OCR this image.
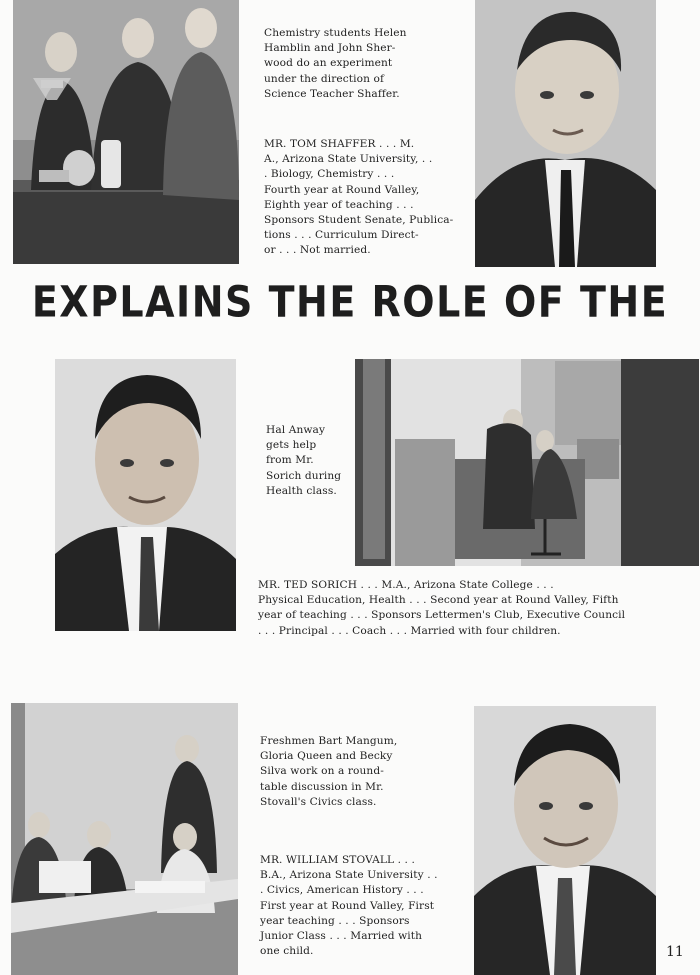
Chemistry students Helen
Hamblin and John Sher-
wood do an experiment
under the direction of
Science Teacher Shaffer.

MR. TOM SHAFFER . . . M.
A., Arizona State University, . .
. Biology, Chemistry . . .
Fourth year at Round Valley,
Eighth year of teaching . . .
Sponsors Student Senate, Publica-
tions . . . Curriculum Direct-
or . . . Not married.

EXPLAINS THE ROLE OF THE

Hal Anway
gets help
from Mr.
Sorich during
Health class.

MR. TED SORICH . . . M.A., Arizona State College . . .
Physical Education, Health . . . Second year at Round Valley, Fifth
year of teaching . . . Sponsors Lettermen's Club, Executive Council
. . . Principal . . . Coach . . . Married with four children.

Freshmen Bart Mangum,
Gloria Queen and Becky
Silva work on a round-
table discussion in Mr.
Stovall's Civics class.

MR. WILLIAM STOVALL . . .
B.A., Arizona State University . .
. Civics, American History . . .
First year at Round Valley, First
year teaching . . . Sponsors
Junior Class . . . Married with
one child.	11
